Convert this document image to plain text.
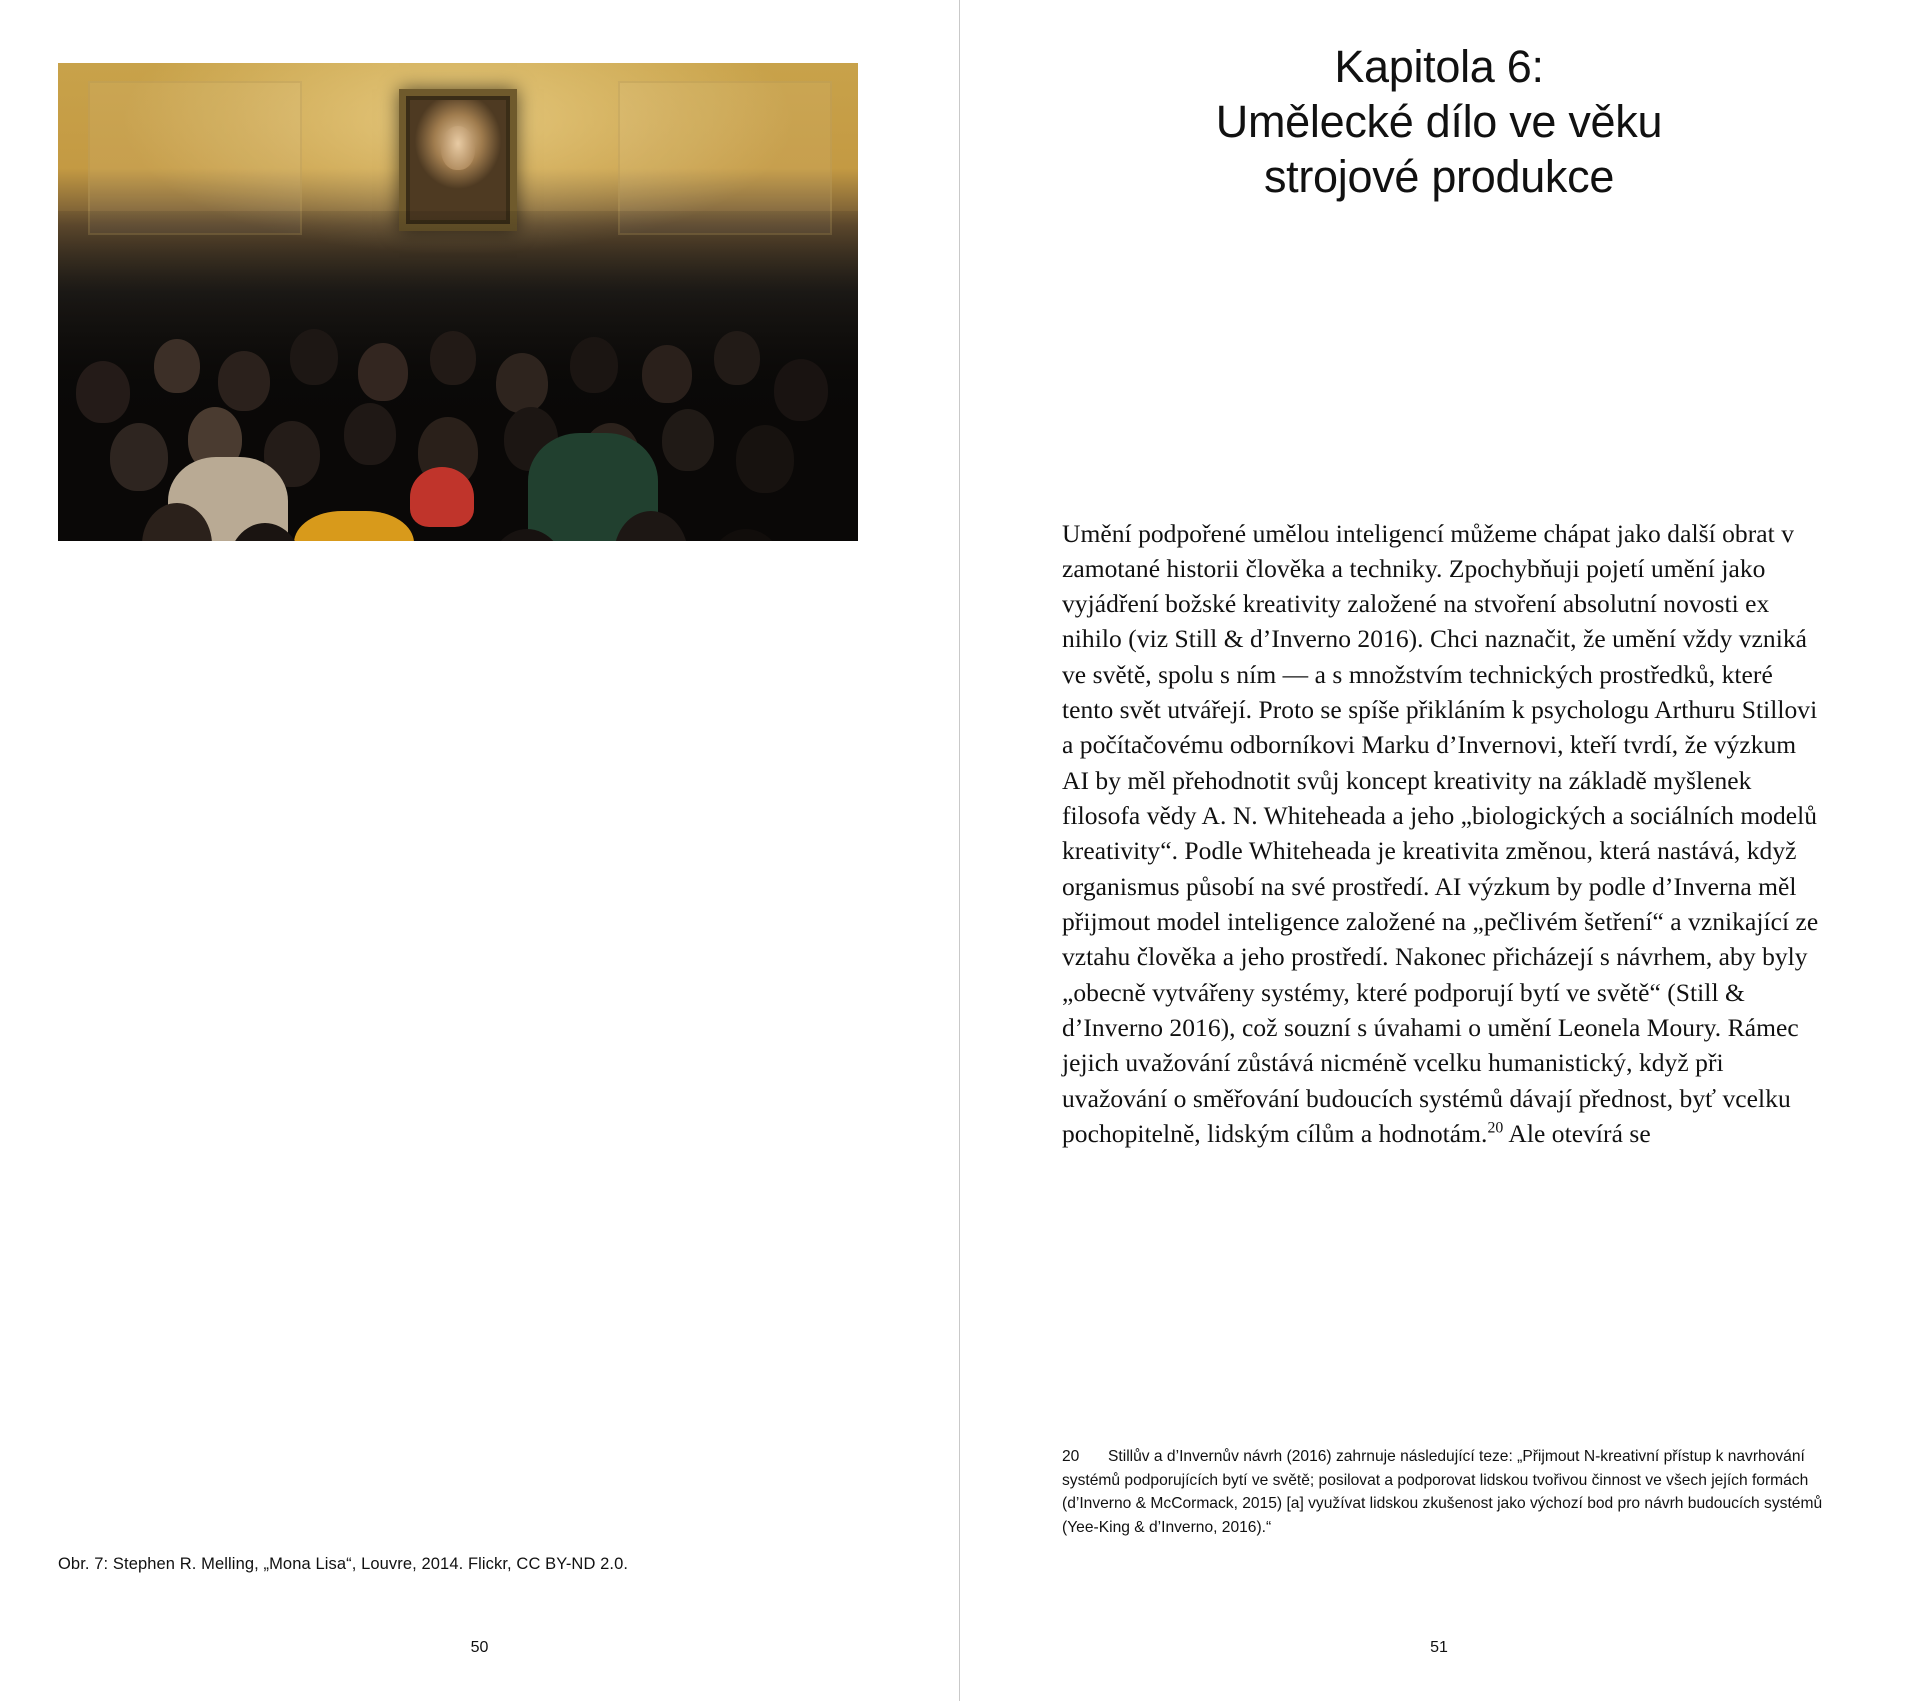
Obr. 7: Stephen R. Melling, „Mona Lisa“, Louvre, 2014. Flickr, CC BY-ND 2.0.
50
Kapitola 6:
Umělecké dílo ve věku
strojové produkce

Umění podpořené umělou inteligencí můžeme chápat jako další obrat v zamotané historii člověka a techniky. Zpochybňuji pojetí umění jako vyjádření božské kreativity založené na stvoření absolutní novosti ex nihilo (viz Still & d’Inverno 2016). Chci naznačit, že umění vždy vzniká ve světě, spolu s ním — a s množstvím technických prostředků, které tento svět utvářejí. Proto se spíše přikláním k psychologu Arthuru Stillovi a počítačovému odborníkovi Marku d’Invernovi, kteří tvrdí, že výzkum AI by měl přehodnotit svůj koncept kreativity na základě myšlenek filosofa vědy A. N. Whiteheada a jeho „biologických a sociálních modelů kreativity“. Podle Whiteheada je kreativita změnou, která nastává, když organismus působí na své prostředí. AI výzkum by podle d’Inverna měl přijmout model inteligence založené na „pečlivém šetření“ a vznikající ze vztahu člověka a jeho prostředí. Nakonec přicházejí s návrhem, aby byly „obecně vytvářeny systémy, které podporují bytí ve světě“ (Still & d’Inverno 2016), což souzní s úvahami o umění Leonela Moury. Rámec jejich uvažování zůstává nicméně vcelku humanistický, když při uvažování o směřování budoucích systémů dávají přednost, byť vcelku pochopitelně, lidským cílům a hodnotám.$^{20}$ Ale otevírá se

20 Stillův a d’Invernův návrh (2016) zahrnuje následující teze: „Přijmout N-kreativní přístup k navrhování systémů podporujících bytí ve světě; posilovat a podporovat lidskou tvořivou činnost ve všech jejích formách (d’Inverno & McCormack, 2015) [a] využívat lidskou zkušenost jako výchozí bod pro návrh budoucích systémů (Yee-King & d’Inverno, 2016).“
51
